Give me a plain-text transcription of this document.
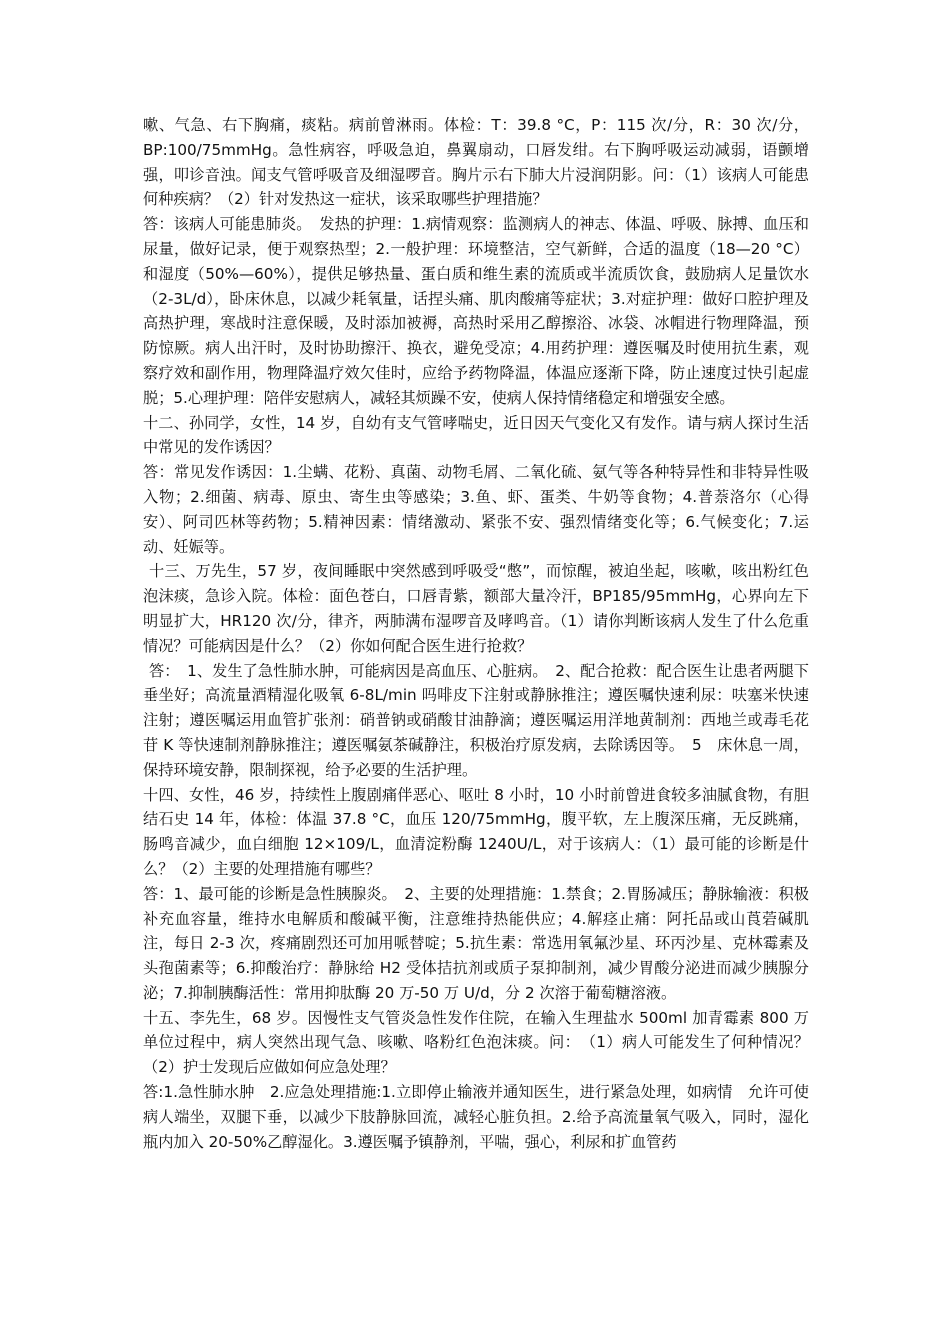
嗽、气急、右下胸痛，痰粘。病前曾淋雨。体检：T：39.8 °C，P：115 次/分，R：30 次/分，BP:100/75mmHg。急性病容，呼吸急迫，鼻翼扇动，口唇发绀。右下胸呼吸运动减弱，语颤增强，叩诊音浊。闻支气管呼吸音及细湿啰音。胸片示右下肺大片浸润阴影。问：（1）该病人可能患何种疾病？（2）针对发热这一症状，该采取哪些护理措施？

答：该病人可能患肺炎。　发热的护理：1.病情观察：监测病人的神志、体温、呼吸、脉搏、血压和尿量，做好记录，便于观察热型；2.一般护理：环境整洁，空气新鲜，合适的温度（18—20 °C）和湿度（50%—60%），提供足够热量、蛋白质和维生素的流质或半流质饮食，鼓励病人足量饮水（2-3L/d），卧床休息，以减少耗氧量，话捏头痛、肌肉酸痛等症状；3.对症护理：做好口腔护理及高热护理，寒战时注意保暖，及时添加被褥，高热时采用乙醇擦浴、冰袋、冰帽进行物理降温，预防惊厥。病人出汗时，及时协助擦汗、换衣，避免受凉；4.用药护理：遵医嘱及时使用抗生素，观察疗效和副作用，物理降温疗效欠佳时，应给予药物降温，体温应逐渐下降，防止速度过快引起虚脱；5.心理护理：陪伴安慰病人，减轻其烦躁不安，使病人保持情绪稳定和增强安全感。

十二、孙同学，女性，14 岁，自幼有支气管哮喘史，近日因天气变化又有发作。请与病人探讨生活中常见的发作诱因？

答：常见发作诱因：1.尘螨、花粉、真菌、动物毛屑、二氧化硫、氨气等各种特异性和非特异性吸入物；2.细菌、病毒、原虫、寄生虫等感染；3.鱼、虾、蛋类、牛奶等食物；4.普萘洛尔（心得安）、阿司匹林等药物；5.精神因素：情绪激动、紧张不安、强烈情绪变化等；6.气候变化；7.运动、妊娠等。

十三、万先生，57 岁，夜间睡眠中突然感到呼吸受“憋”，而惊醒，被迫坐起，咳嗽，咳出粉红色泡沫痰，急诊入院。体检：面色苍白，口唇青紫，额部大量冷汗，BP185/95mmHg，心界向左下明显扩大，HR120 次/分，律齐，两肺满布湿啰音及哮鸣音。（1）请你判断该病人发生了什么危重情况？可能病因是什么？（2）你如何配合医生进行抢救？

答：　1、发生了急性肺水肿，可能病因是高血压、心脏病。　2、配合抢救：配合医生让患者两腿下垂坐好；高流量酒精湿化吸氧 6-8L/min 吗啡皮下注射或静脉推注；遵医嘱快速利尿：呋塞米快速注射；遵医嘱运用血管扩张剂：硝普钠或硝酸甘油静滴；遵医嘱运用洋地黄制剂：西地兰或毒毛花苷 K 等快速制剂静脉推注；遵医嘱氨茶碱静注，积极治疗原发病，去除诱因等。　5　床休息一周，保持环境安静，限制探视，给予必要的生活护理。

十四、女性，46 岁，持续性上腹剧痛伴恶心、呕吐 8 小时，10 小时前曾进食较多油腻食物，有胆结石史 14 年，体检：体温 37.8 °C，血压 120/75mmHg，腹平软，左上腹深压痛，无反跳痛，肠鸣音减少，血白细胞 12×109/L，血清淀粉酶 1240U/L，对于该病人：（1）最可能的诊断是什么？（2）主要的处理措施有哪些？

答：1、最可能的诊断是急性胰腺炎。　2、主要的处理措施：1.禁食；2.胃肠减压；静脉输液：积极补充血容量，维持水电解质和酸碱平衡，注意维持热能供应；4.解痉止痛：阿托品或山莨菪碱肌注，每日 2-3 次，疼痛剧烈还可加用哌替啶；5.抗生素：常选用氧氟沙星、环丙沙星、克林霉素及头孢菌素等；6.抑酸治疗：静脉给 H2 受体拮抗剂或质子泵抑制剂，减少胃酸分泌进而减少胰腺分泌；7.抑制胰酶活性：常用抑肽酶 20 万-50 万 U/d，分 2 次溶于葡萄糖溶液。

十五、李先生，68 岁。因慢性支气管炎急性发作住院，在输入生理盐水 500ml 加青霉素 800 万单位过程中，病人突然出现气急、咳嗽、咯粉红色泡沫痰。问：　（1）病人可能发生了何种情况？（2）护士发现后应做如何应急处理？

答:1.急性肺水肿　2.应急处理措施:1.立即停止输液并通知医生，进行紧急处理，如病情　允许可使病人端坐，双腿下垂，以减少下肢静脉回流，减轻心脏负担。2.给予高流量氧气吸入，同时，湿化瓶内加入 20-50%乙醇湿化。3.遵医嘱予镇静剂，平喘，强心，利尿和扩血管药
